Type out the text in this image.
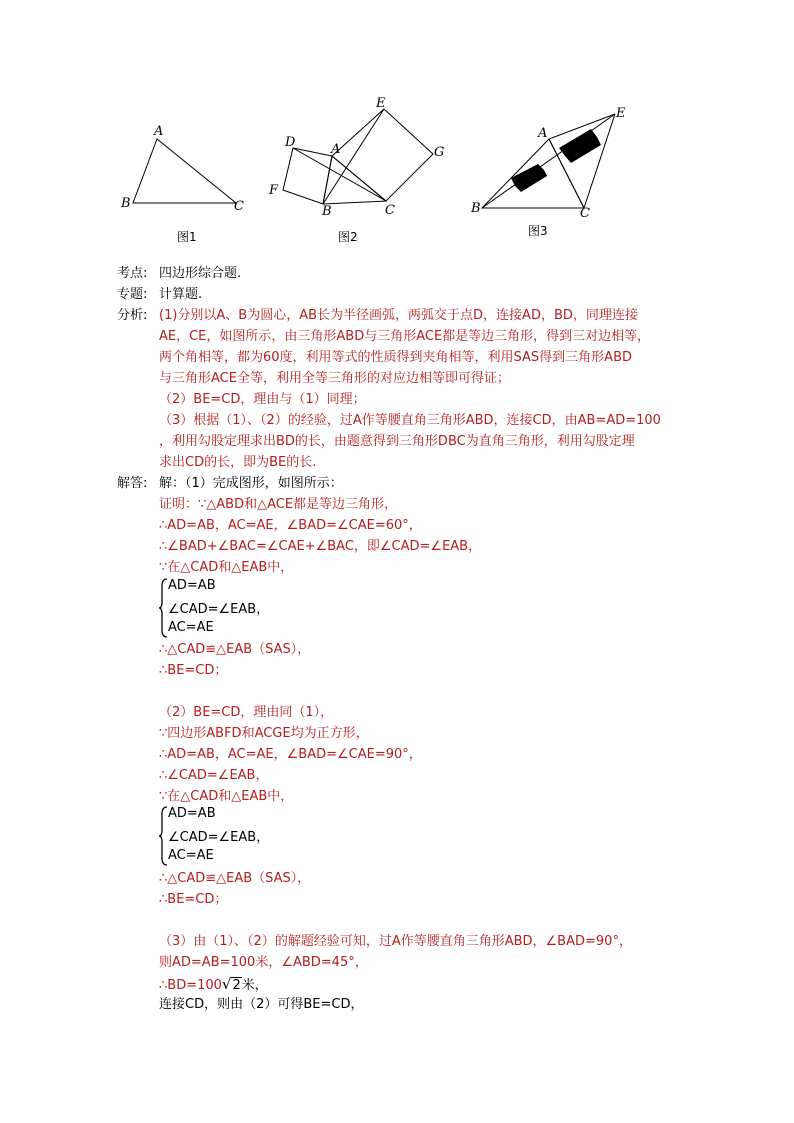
A
B	C
图1
E
D	A	G
F
B	C
图2
A
E
B	C
图3
考点: 四边形综合题.
专题: 计算题.
分析: (1)分别以A、B为圆心，AB长为半径画弧，两弧交于点D，连接AD，BD，同理连接
AE，CE，如图所示，由三角形ABD与三角形ACE都是等边三角形，得到三对边相等，
两个角相等，都为60度，利用等式的性质得到夹角相等，利用SAS得到三角形ABD
与三角形ACE全等，利用全等三角形的对应边相等即可得证；
（2）BE=CD，理由与（1）同理；
（3）根据（1）、（2）的经验，过A作等腰直角三角形ABD，连接CD，由AB=AD=100
，利用勾股定理求出BD的长，由题意得到三角形DBC为直角三角形，利用勾股定理
求出CD的长，即为BE的长.
解答: 解：（1）完成图形，如图所示：
证明：∵△ABD和△ACE都是等边三角形，
∴AD=AB，AC=AE，∠BAD=∠CAE=60°，
∴∠BAD+∠BAC=∠CAE+∠BAC，即∠CAD=∠EAB，
∵在△CAD和△EAB中，
AD=AB
∠CAD=∠EAB，
AC=AE
∴△CAD≌△EAB（SAS），
∴BE=CD；
（2）BE=CD，理由同（1），
∵四边形ABFD和ACGE均为正方形，
∴AD=AB，AC=AE，∠BAD=∠CAE=90°，
∴∠CAD=∠EAB，
∵在△CAD和△EAB中，
AD=AB
∠CAD=∠EAB，
AC=AE
∴△CAD≌△EAB（SAS），
∴BE=CD；
（3）由（1）、（2）的解题经验可知，过A作等腰直角三角形ABD，∠BAD=90°，
则AD=AB=100米，∠ABD=45°，
∴BD=100√2米，
连接CD，则由（2）可得BE=CD，
